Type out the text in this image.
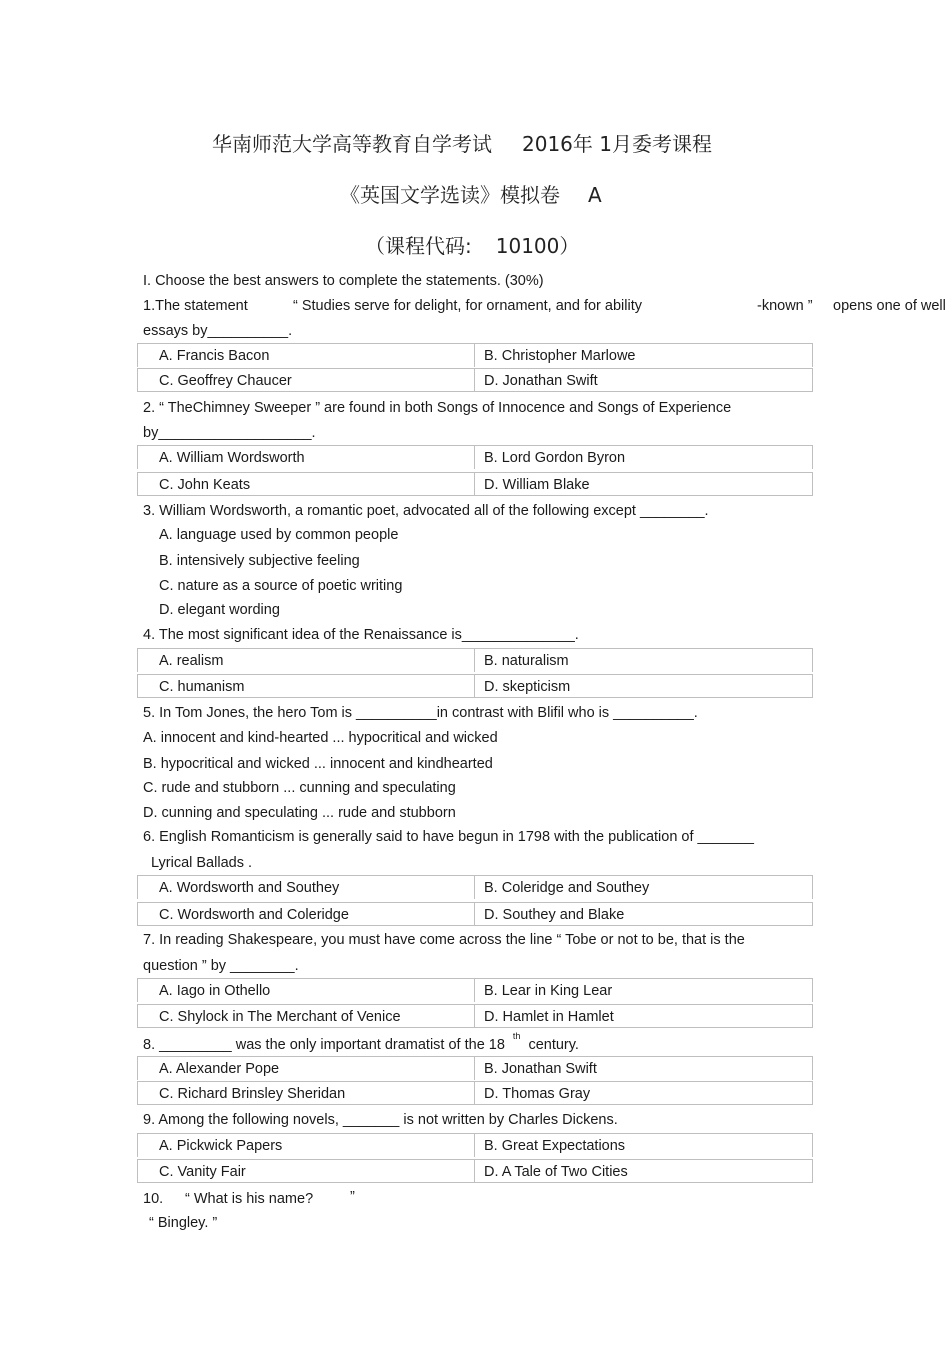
华南师范大学高等教育自学考试 2016年 1月委考课程
《英国文学选读》模拟卷 A
（课程代码: 10100）
I. Choose the best answers to complete the statements. (30%)
1.The statement	“ Studies serve for delight, for ornament, and for ability	-known ” opens one of well
essays by__________.
A. Francis Bacon	B. Christopher Marlowe
C. Geoffrey Chaucer	D. Jonathan Swift
2. “ TheChimney Sweeper ” are found in both Songs of Innocence and Songs of Experience
by___________________.
A. William Wordsworth	B. Lord Gordon Byron
C. John Keats	D. William Blake
3. William Wordsworth, a romantic poet, advocated all of the following except ________.
A. language used by common people
B. intensively subjective feeling
C. nature as a source of poetic writing
D. elegant wording
4. The most significant idea of the Renaissance is______________.
A. realism	B. naturalism
C. humanism	D. skepticism
5. In Tom Jones, the hero Tom is __________in contrast with Blifil who is __________.
A. innocent and kind-hearted ... hypocritical and wicked
B. hypocritical and wicked ... innocent and kindhearted
C. rude and stubborn ... cunning and speculating
D. cunning and speculating ... rude and stubborn
6. English Romanticism is generally said to have begun in 1798 with the publication of _______
Lyrical Ballads .
A. Wordsworth and Southey	B. Coleridge and Southey
C. Wordsworth and Coleridge	D. Southey and Blake
7. In reading Shakespeare, you must have come across the line “ Tobe or not to be, that is the
question ” by ________.
A. Iago in Othello	B. Lear in King Lear
C. Shylock in The Merchant of Venice	D. Hamlet in Hamlet
8. _________ was the only important dramatist of the 18thcentury.
A. Alexander Pope	B. Jonathan Swift
C. Richard Brinsley Sheridan	D. Thomas Gray
9. Among the following novels, _______ is not written by Charles Dickens.
A. Pickwick Papers	B. Great Expectations
C. Vanity Fair	D. A Tale of Two Cities
10. “ What is his name?	”
“ Bingley. ”
